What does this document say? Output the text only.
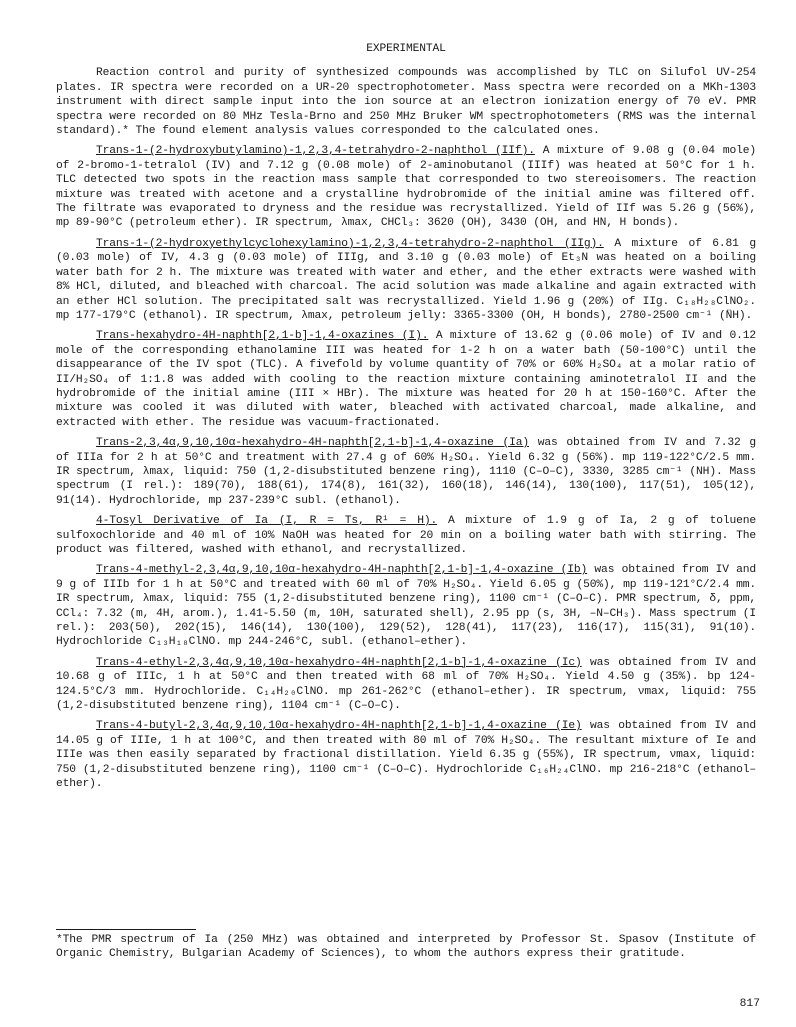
EXPERIMENTAL

Reaction control and purity of synthesized compounds was accomplished by TLC on Silufol UV-254 plates. IR spectra were recorded on a UR-20 spectrophotometer. Mass spectra were recorded on a MKh-1303 instrument with direct sample input into the ion source at an electron ionization energy of 70 eV. PMR spectra were recorded on 80 MHz Tesla-Brno and 250 MHz Bruker WM spectrophotometers (RMS was the internal standard).* The found element analysis values corresponded to the calculated ones.

Trans-1-(2-hydroxybutylamino)-1,2,3,4-tetrahydro-2-naphthol (IIf). A mixture of 9.08 g (0.04 mole) of 2-bromo-1-tetralol (IV) and 7.12 g (0.08 mole) of 2-aminobutanol (IIIf) was heated at 50°C for 1 h. TLC detected two spots in the reaction mass sample that corresponded to two stereoisomers. The reaction mixture was treated with acetone and a crystalline hydrobromide of the initial amine was filtered off. The filtrate was evaporated to dryness and the residue was recrystallized. Yield of IIf was 5.26 g (56%), mp 89-90°C (petroleum ether). IR spectrum, λmax, CHCl₃: 3620 (OH), 3430 (OH, and HN, H bonds).

Trans-1-(2-hydroxyethylcyclohexylamino)-1,2,3,4-tetrahydro-2-naphthol (IIg). A mixture of 6.81 g (0.03 mole) of IV, 4.3 g (0.03 mole) of IIIg, and 3.10 g (0.03 mole) of Et₃N was heated on a boiling water bath for 2 h. The mixture was treated with water and ether, and the ether extracts were washed with 8% HCl, diluted, and bleached with charcoal. The acid solution was made alkaline and again extracted with an ether HCl solution. The precipitated salt was recrystallized. Yield 1.96 g (20%) of IIg. C₁₈H₂₈ClNO₂. mp 177-179°C (ethanol). IR spectrum, λmax, petroleum jelly: 3365-3300 (OH, H bonds), 2780-2500 cm⁻¹ (N̈H).

Trans-hexahydro-4H-naphth[2,1-b]-1,4-oxazines (I). A mixture of 13.62 g (0.06 mole) of IV and 0.12 mole of the corresponding ethanolamine III was heated for 1-2 h on a water bath (50-100°C) until the disappearance of the IV spot (TLC). A fivefold by volume quantity of 70% or 60% H₂SO₄ at a molar ratio of II/H₂SO₄ of 1:1.8 was added with cooling to the reaction mixture containing aminotetralol II and the hydrobromide of the initial amine (III × HBr). The mixture was heated for 20 h at 150-160°C. After the mixture was cooled it was diluted with water, bleached with activated charcoal, made alkaline, and extracted with ether. The residue was vacuum-fractionated.

Trans-2,3,4α,9,10,10α-hexahydro-4H-naphth[2,1-b]-1,4-oxazine (Ia) was obtained from IV and 7.32 g of IIIa for 2 h at 50°C and treatment with 27.4 g of 60% H₂SO₄. Yield 6.32 g (56%). mp 119-122°C/2.5 mm. IR spectrum, λmax, liquid: 750 (1,2-disubstituted benzene ring), 1110 (C–O–C), 3330, 3285 cm⁻¹ (NH). Mass spectrum (I rel.): 189(70), 188(61), 174(8), 161(32), 160(18), 146(14), 130(100), 117(51), 105(12), 91(14). Hydrochloride, mp 237-239°C subl. (ethanol).

4-Tosyl Derivative of Ia (I, R = Ts, R¹ = H). A mixture of 1.9 g of Ia, 2 g of toluene sulfoxochloride and 40 ml of 10% NaOH was heated for 20 min on a boiling water bath with stirring. The product was filtered, washed with ethanol, and recrystallized.

Trans-4-methyl-2,3,4α,9,10,10α-hexahydro-4H-naphth[2,1-b]-1,4-oxazine (Ib) was obtained from IV and 9 g of IIIb for 1 h at 50°C and treated with 60 ml of 70% H₂SO₄. Yield 6.05 g (50%), mp 119-121°C/2.4 mm. IR spectrum, λmax, liquid: 755 (1,2-disubstituted benzene ring), 1100 cm⁻¹ (C–O–C). PMR spectrum, δ, ppm, CCl₄: 7.32 (m, 4H, arom.), 1.41-5.50 (m, 10H, saturated shell), 2.95 pp (s, 3H, –N–CH₃). Mass spectrum (I rel.): 203(50), 202(15), 146(14), 130(100), 129(52), 128(41), 117(23), 116(17), 115(31), 91(10). Hydrochloride C₁₃H₁₈ClNO. mp 244-246°C, subl. (ethanol–ether).

Trans-4-ethyl-2,3,4α,9,10,10α-hexahydro-4H-naphth[2,1-b]-1,4-oxazine (Ic) was obtained from IV and 10.68 g of IIIc, 1 h at 50°C and then treated with 68 ml of 70% H₂SO₄. Yield 4.50 g (35%). bp 124-124.5°C/3 mm. Hydrochloride. C₁₄H₂₀ClNO. mp 261-262°C (ethanol–ether). IR spectrum, νmax, liquid: 755 (1,2-disubstituted benzene ring), 1104 cm⁻¹ (C–O–C).

Trans-4-butyl-2,3,4α,9,10,10α-hexahydro-4H-naphth[2,1-b]-1,4-oxazine (Ie) was obtained from IV and 14.05 g of IIIe, 1 h at 100°C, and then treated with 80 ml of 70% H₂SO₄. The resultant mixture of Ie and IIIe was then easily separated by fractional distillation. Yield 6.35 g (55%), IR spectrum, νmax, liquid: 750 (1,2-disubstituted benzene ring), 1100 cm⁻¹ (C–O–C). Hydrochloride C₁₆H₂₄ClNO. mp 216-218°C (ethanol–ether).

*The PMR spectrum of Ia (250 MHz) was obtained and interpreted by Professor St. Spasov (Institute of Organic Chemistry, Bulgarian Academy of Sciences), to whom the authors express their gratitude.
817
